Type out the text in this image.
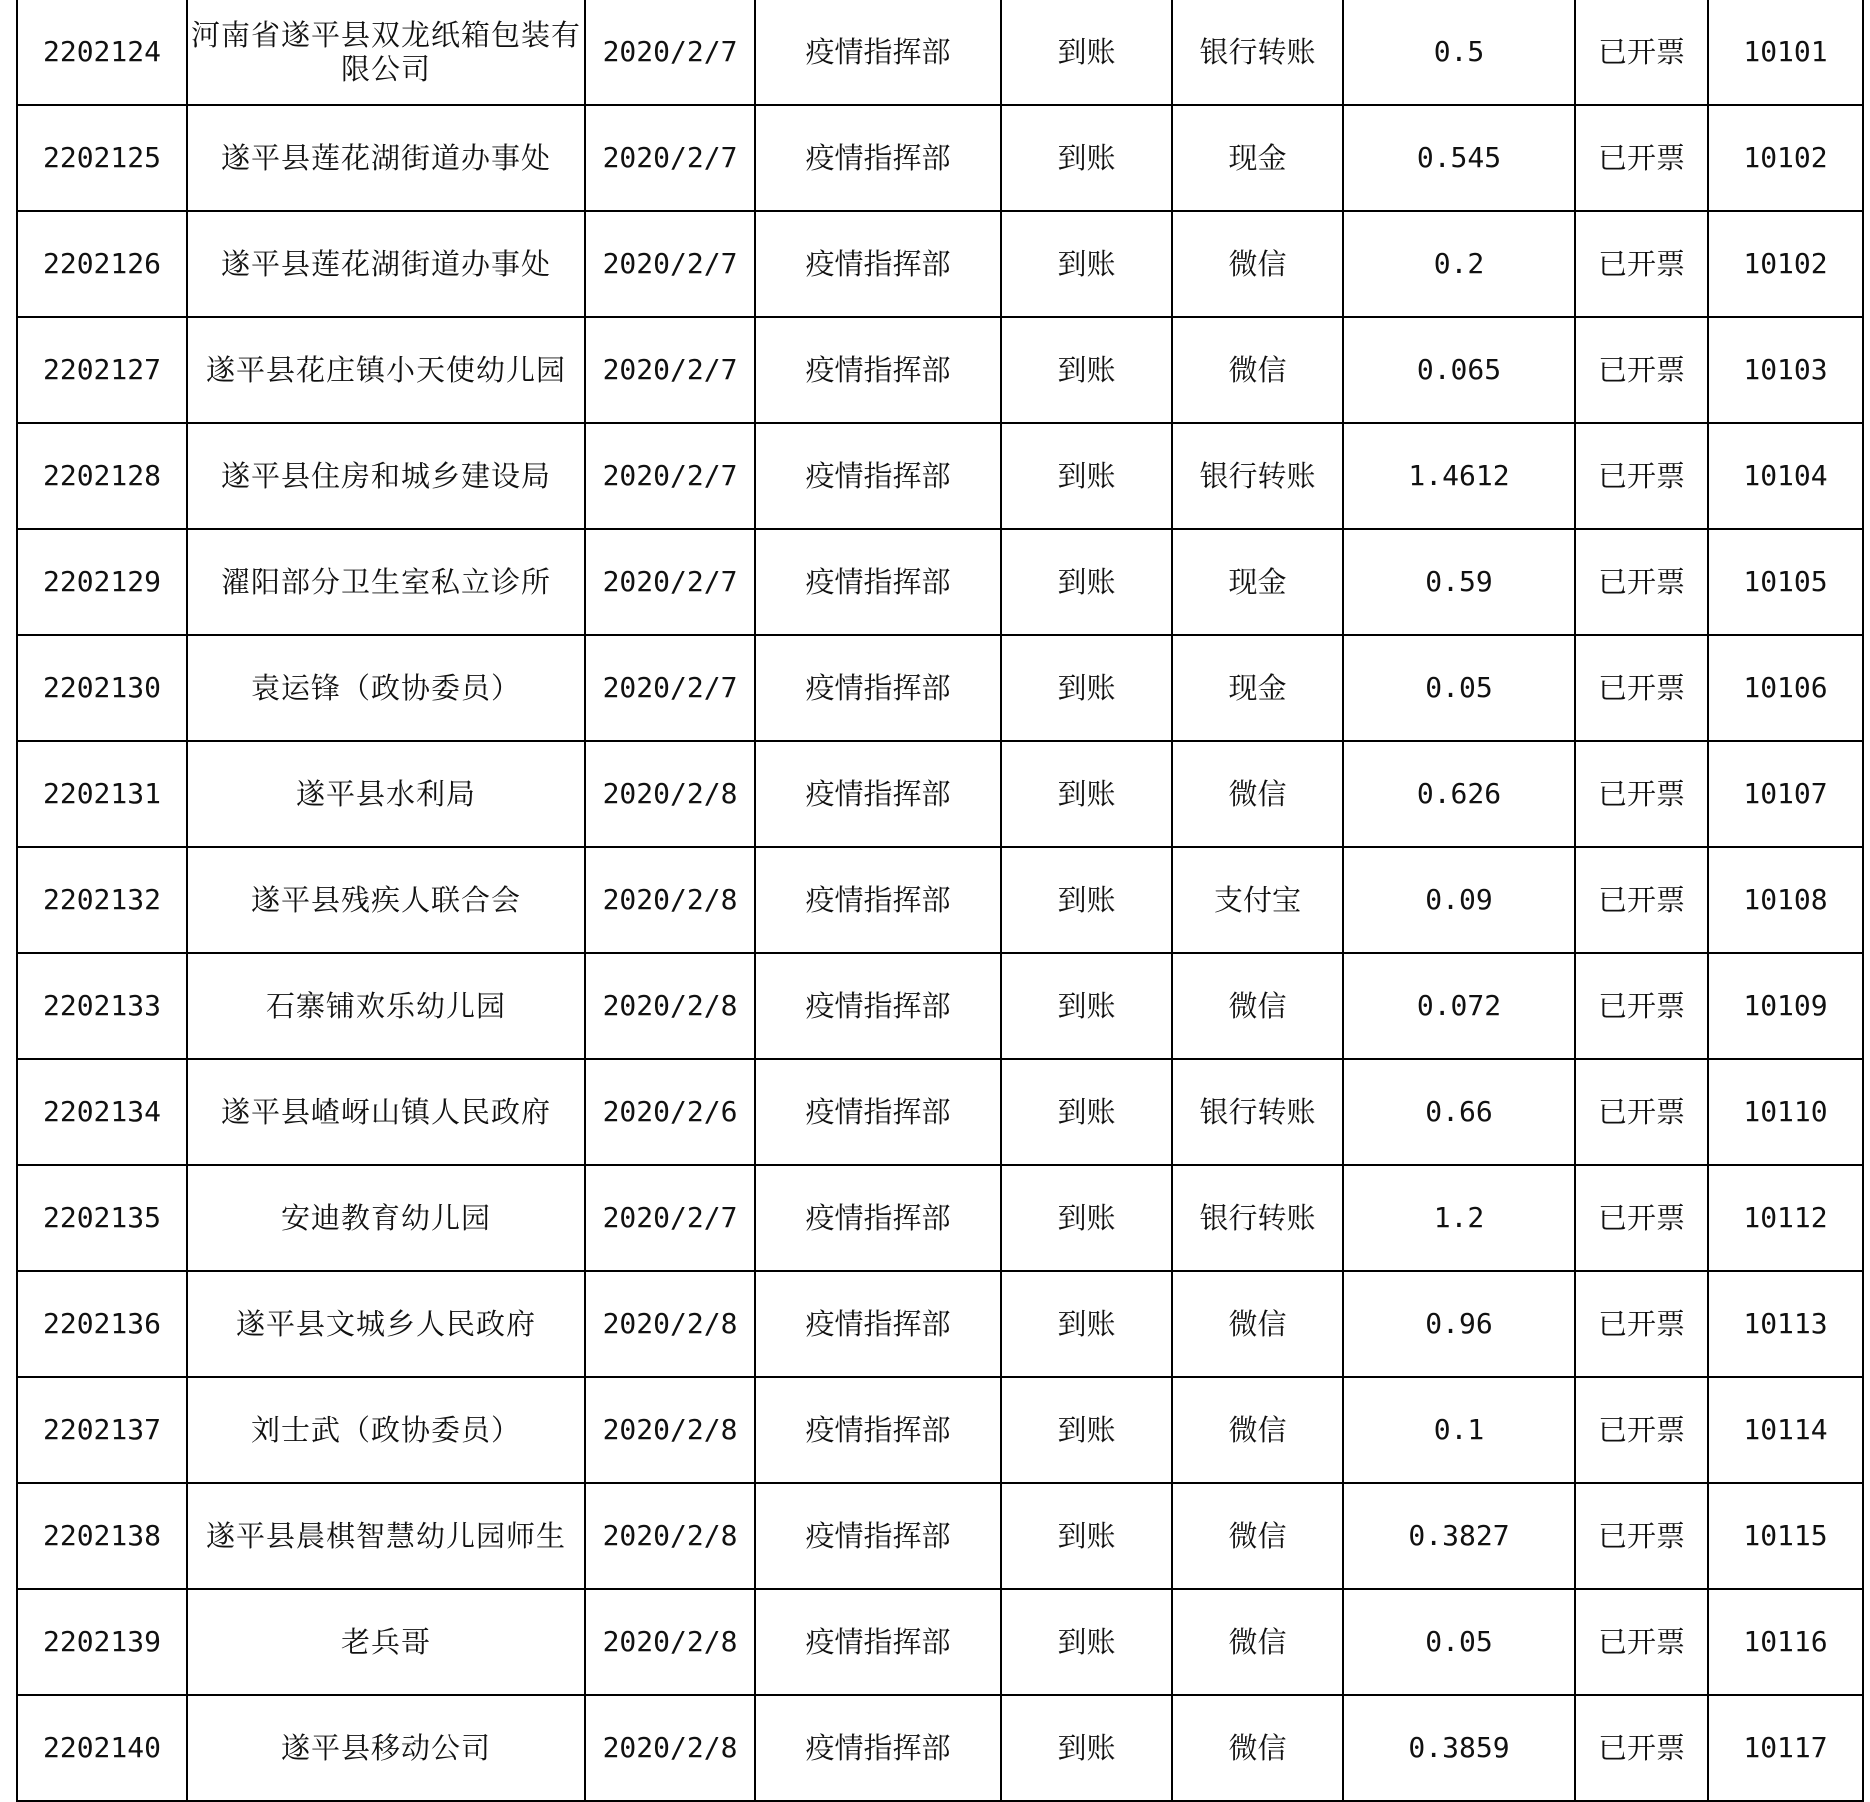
2202124	河南省遂平县双龙纸箱包装有限公司	2020/2/7	疫情指挥部	到账	银行转账	0.5	已开票	10101
2202125	遂平县莲花湖街道办事处	2020/2/7	疫情指挥部	到账	现金	0.545	已开票	10102
2202126	遂平县莲花湖街道办事处	2020/2/7	疫情指挥部	到账	微信	0.2	已开票	10102
2202127	遂平县花庄镇小天使幼儿园	2020/2/7	疫情指挥部	到账	微信	0.065	已开票	10103
2202128	遂平县住房和城乡建设局	2020/2/7	疫情指挥部	到账	银行转账	1.4612	已开票	10104
2202129	濯阳部分卫生室私立诊所	2020/2/7	疫情指挥部	到账	现金	0.59	已开票	10105
2202130	袁运锋（政协委员）	2020/2/7	疫情指挥部	到账	现金	0.05	已开票	10106
2202131	遂平县水利局	2020/2/8	疫情指挥部	到账	微信	0.626	已开票	10107
2202132	遂平县残疾人联合会	2020/2/8	疫情指挥部	到账	支付宝	0.09	已开票	10108
2202133	石寨铺欢乐幼儿园	2020/2/8	疫情指挥部	到账	微信	0.072	已开票	10109
2202134	遂平县嵖岈山镇人民政府	2020/2/6	疫情指挥部	到账	银行转账	0.66	已开票	10110
2202135	安迪教育幼儿园	2020/2/7	疫情指挥部	到账	银行转账	1.2	已开票	10112
2202136	遂平县文城乡人民政府	2020/2/8	疫情指挥部	到账	微信	0.96	已开票	10113
2202137	刘士武（政协委员）	2020/2/8	疫情指挥部	到账	微信	0.1	已开票	10114
2202138	遂平县晨棋智慧幼儿园师生	2020/2/8	疫情指挥部	到账	微信	0.3827	已开票	10115
2202139	老兵哥	2020/2/8	疫情指挥部	到账	微信	0.05	已开票	10116
2202140	遂平县移动公司	2020/2/8	疫情指挥部	到账	微信	0.3859	已开票	10117
